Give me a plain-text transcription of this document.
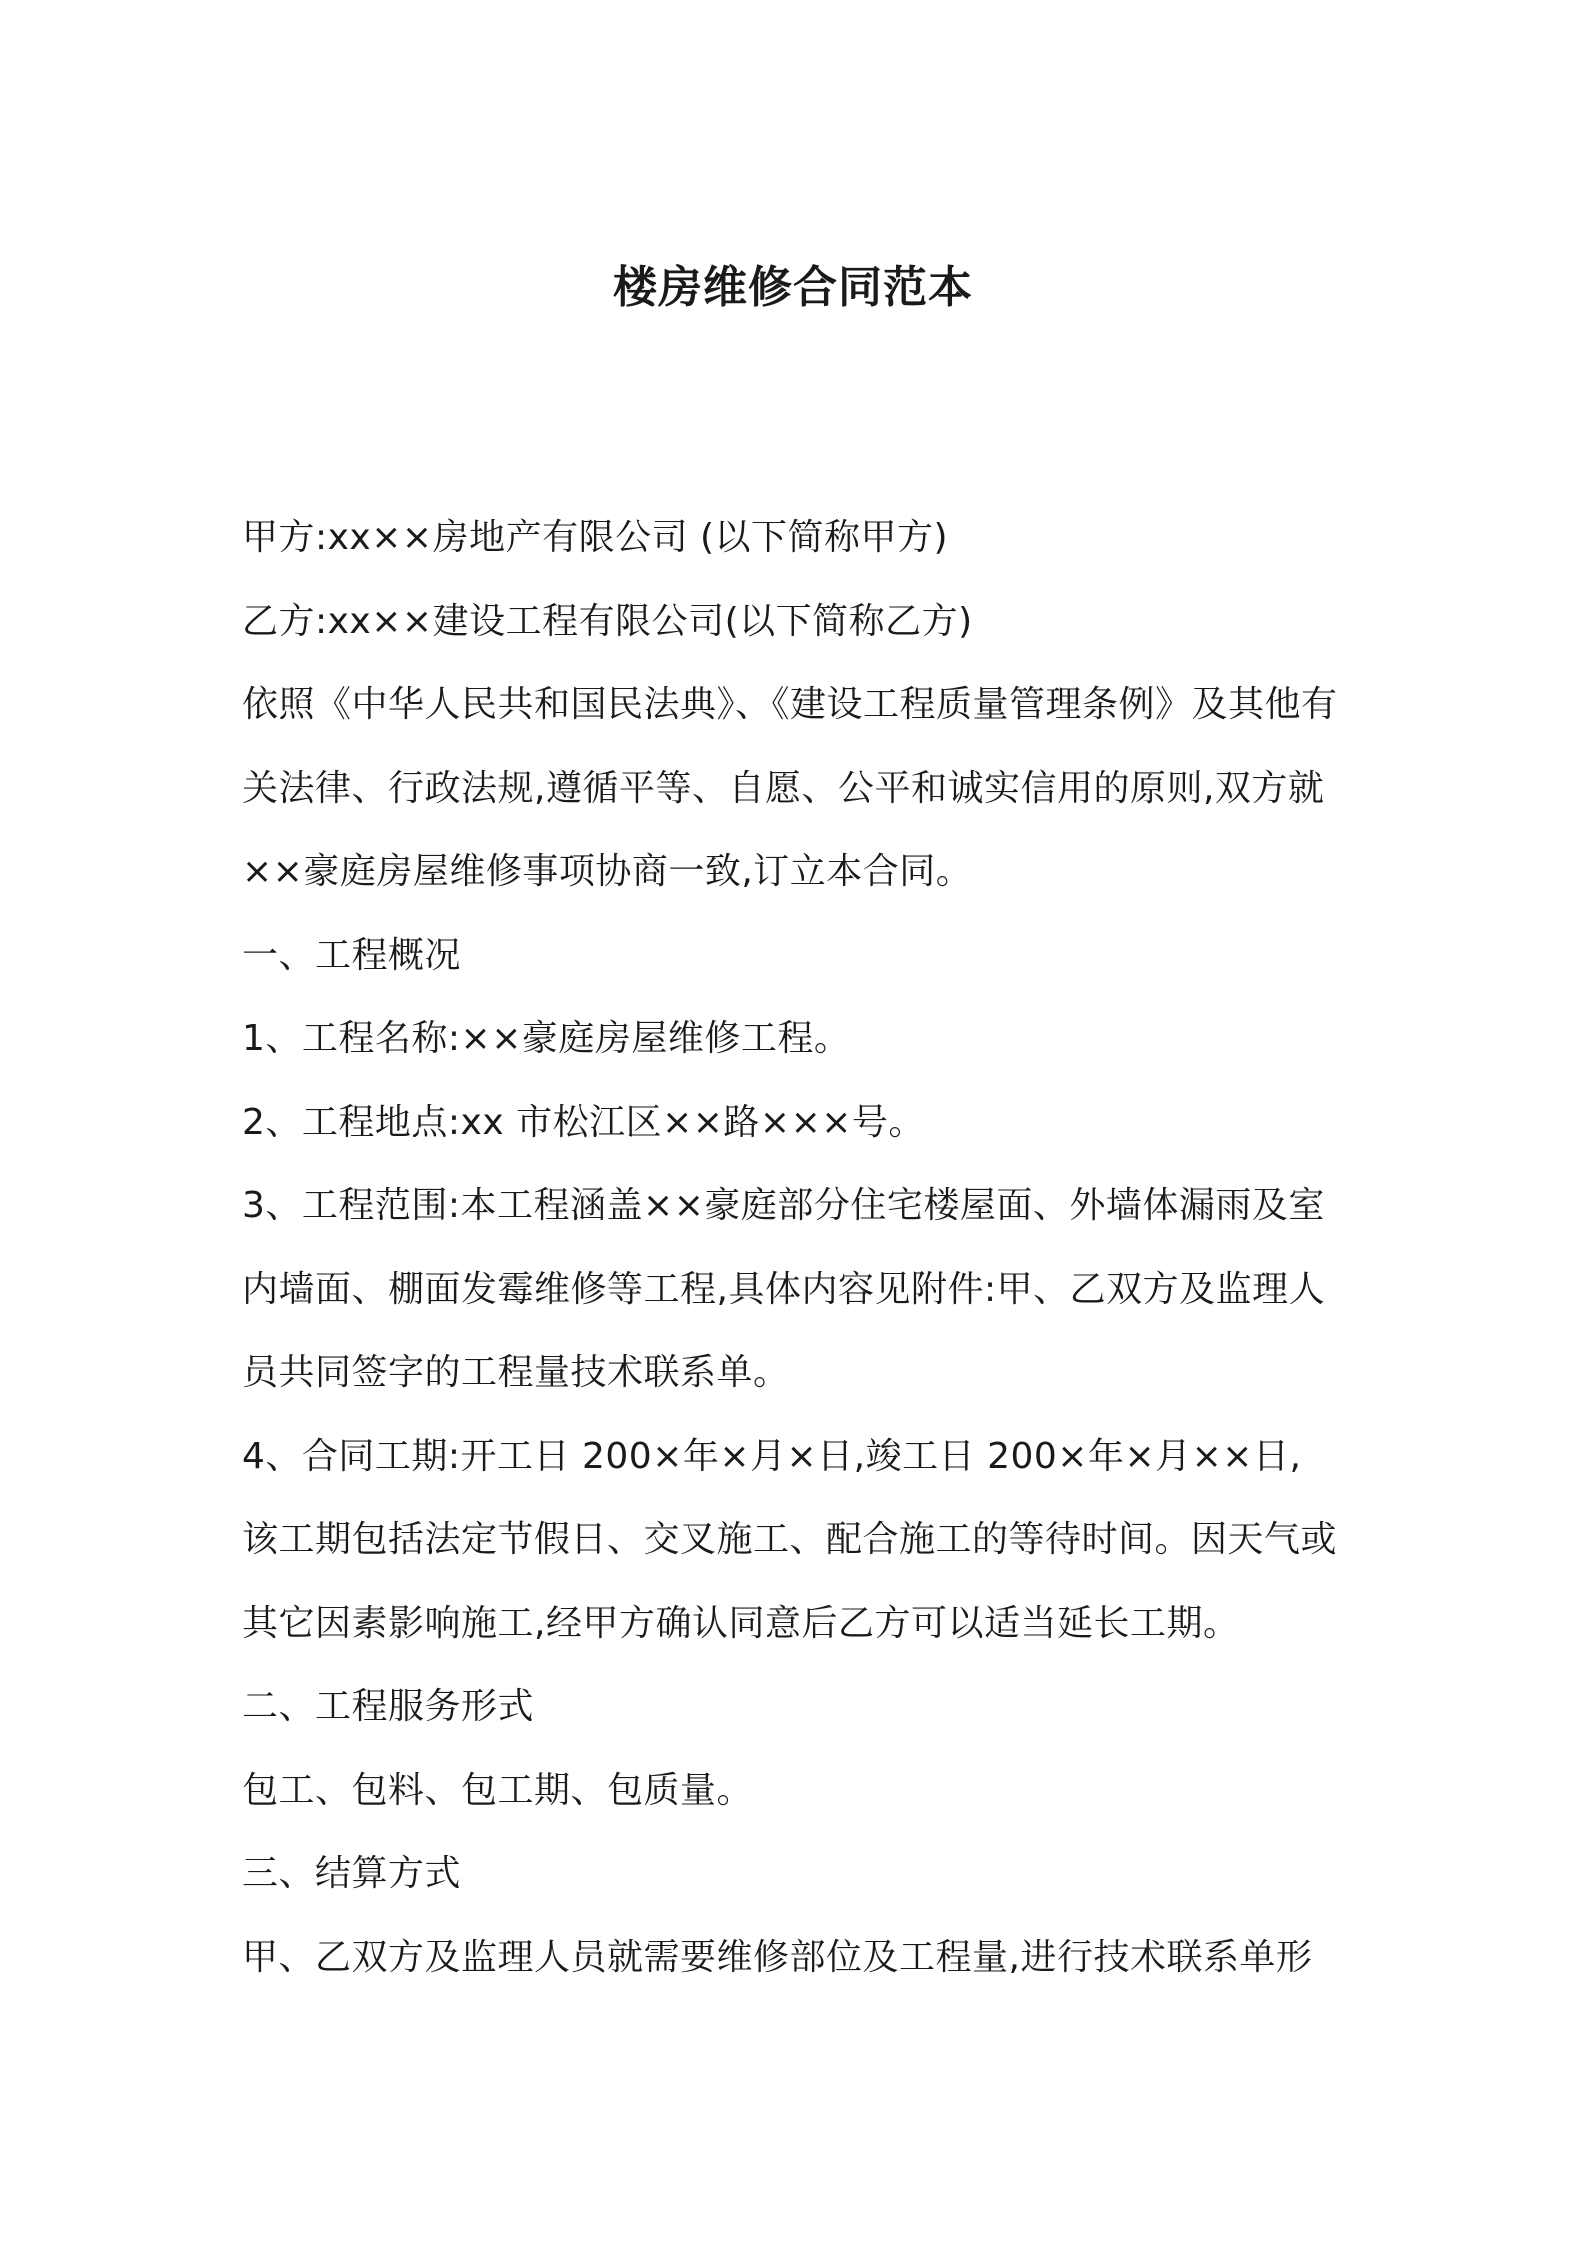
楼房维修合同范本
甲方:xx××房地产有限公司 (以下简称甲方)
乙方:xx××建设工程有限公司(以下简称乙方)
依照《中华人民共和国民法典》、《建设工程质量管理条例》及其他有
关法律、行政法规,遵循平等、自愿、公平和诚实信用的原则,双方就
××豪庭房屋维修事项协商一致,订立本合同。
一、工程概况
1、工程名称:××豪庭房屋维修工程。
2、工程地点:xx 市松江区××路×××号。
3、工程范围:本工程涵盖××豪庭部分住宅楼屋面、外墙体漏雨及室
内墙面、棚面发霉维修等工程,具体内容见附件:甲、乙双方及监理人
员共同签字的工程量技术联系单。
4、合同工期:开工日 200×年×月×日,竣工日 200×年×月××日,
该工期包括法定节假日、交叉施工、配合施工的等待时间。因天气或
其它因素影响施工,经甲方确认同意后乙方可以适当延长工期。
二、工程服务形式
包工、包料、包工期、包质量。
三、结算方式
甲、乙双方及监理人员就需要维修部位及工程量,进行技术联系单形
